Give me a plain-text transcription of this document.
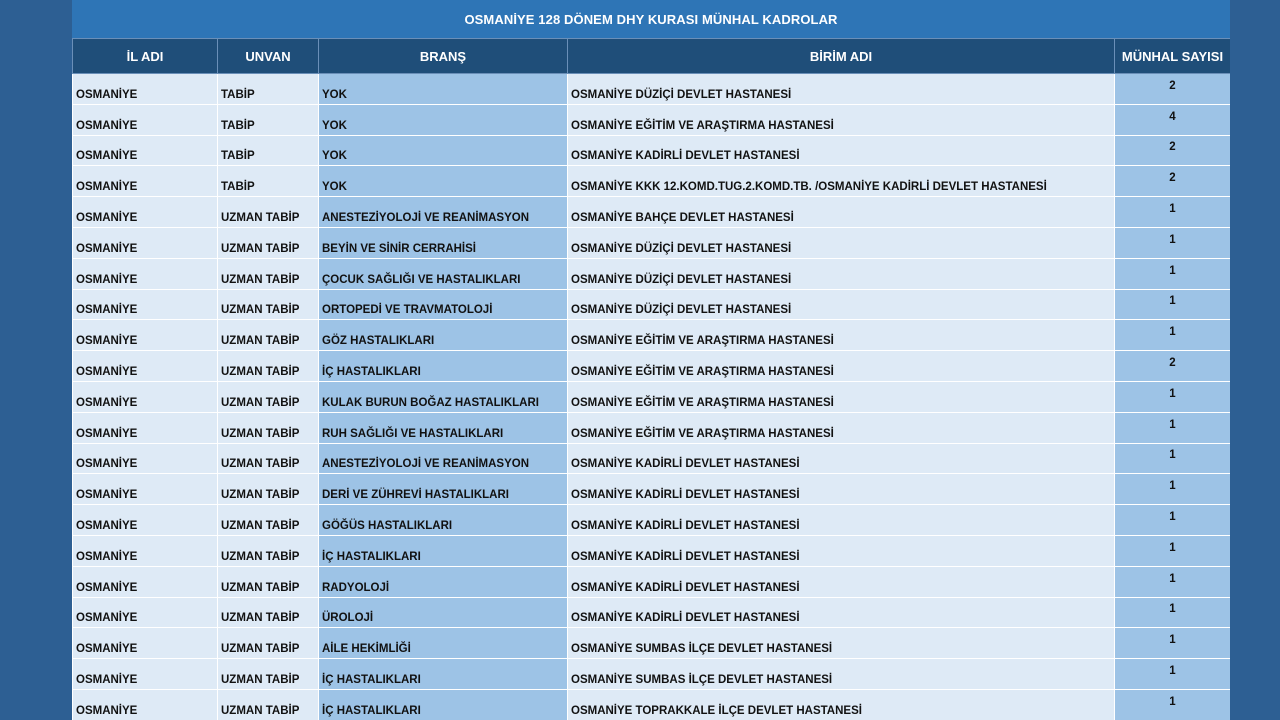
OSMANİYE 128 DÖNEM DHY KURASI MÜNHAL KADROLAR
İL ADI	UNVAN	BRANŞ	BİRİM ADI	MÜNHAL SAYISI
OSMANİYE	TABİP	YOK	OSMANİYE DÜZİÇİ DEVLET HASTANESİ	2
OSMANİYE	TABİP	YOK	OSMANİYE EĞİTİM VE ARAŞTIRMA HASTANESİ	4
OSMANİYE	TABİP	YOK	OSMANİYE KADİRLİ DEVLET HASTANESİ	2
OSMANİYE	TABİP	YOK	OSMANİYE KKK 12.KOMD.TUG.2.KOMD.TB. /OSMANİYE KADİRLİ DEVLET HASTANESİ	2
OSMANİYE	UZMAN TABİP	ANESTEZİYOLOJİ VE REANİMASYON	OSMANİYE BAHÇE DEVLET HASTANESİ	1
OSMANİYE	UZMAN TABİP	BEYİN VE SİNİR CERRAHİSİ	OSMANİYE DÜZİÇİ DEVLET HASTANESİ	1
OSMANİYE	UZMAN TABİP	ÇOCUK SAĞLIĞI VE HASTALIKLARI	OSMANİYE DÜZİÇİ DEVLET HASTANESİ	1
OSMANİYE	UZMAN TABİP	ORTOPEDİ VE TRAVMATOLOJİ	OSMANİYE DÜZİÇİ DEVLET HASTANESİ	1
OSMANİYE	UZMAN TABİP	GÖZ HASTALIKLARI	OSMANİYE EĞİTİM VE ARAŞTIRMA HASTANESİ	1
OSMANİYE	UZMAN TABİP	İÇ HASTALIKLARI	OSMANİYE EĞİTİM VE ARAŞTIRMA HASTANESİ	2
OSMANİYE	UZMAN TABİP	KULAK BURUN BOĞAZ HASTALIKLARI	OSMANİYE EĞİTİM VE ARAŞTIRMA HASTANESİ	1
OSMANİYE	UZMAN TABİP	RUH SAĞLIĞI VE HASTALIKLARI	OSMANİYE EĞİTİM VE ARAŞTIRMA HASTANESİ	1
OSMANİYE	UZMAN TABİP	ANESTEZİYOLOJİ VE REANİMASYON	OSMANİYE KADİRLİ DEVLET HASTANESİ	1
OSMANİYE	UZMAN TABİP	DERİ VE ZÜHREVİ HASTALIKLARI	OSMANİYE KADİRLİ DEVLET HASTANESİ	1
OSMANİYE	UZMAN TABİP	GÖĞÜS HASTALIKLARI	OSMANİYE KADİRLİ DEVLET HASTANESİ	1
OSMANİYE	UZMAN TABİP	İÇ HASTALIKLARI	OSMANİYE KADİRLİ DEVLET HASTANESİ	1
OSMANİYE	UZMAN TABİP	RADYOLOJİ	OSMANİYE KADİRLİ DEVLET HASTANESİ	1
OSMANİYE	UZMAN TABİP	ÜROLOJİ	OSMANİYE KADİRLİ DEVLET HASTANESİ	1
OSMANİYE	UZMAN TABİP	AİLE HEKİMLİĞİ	OSMANİYE SUMBAS İLÇE DEVLET HASTANESİ	1
OSMANİYE	UZMAN TABİP	İÇ HASTALIKLARI	OSMANİYE SUMBAS İLÇE DEVLET HASTANESİ	1
OSMANİYE	UZMAN TABİP	İÇ HASTALIKLARI	OSMANİYE TOPRAKKALE İLÇE DEVLET HASTANESİ	1
